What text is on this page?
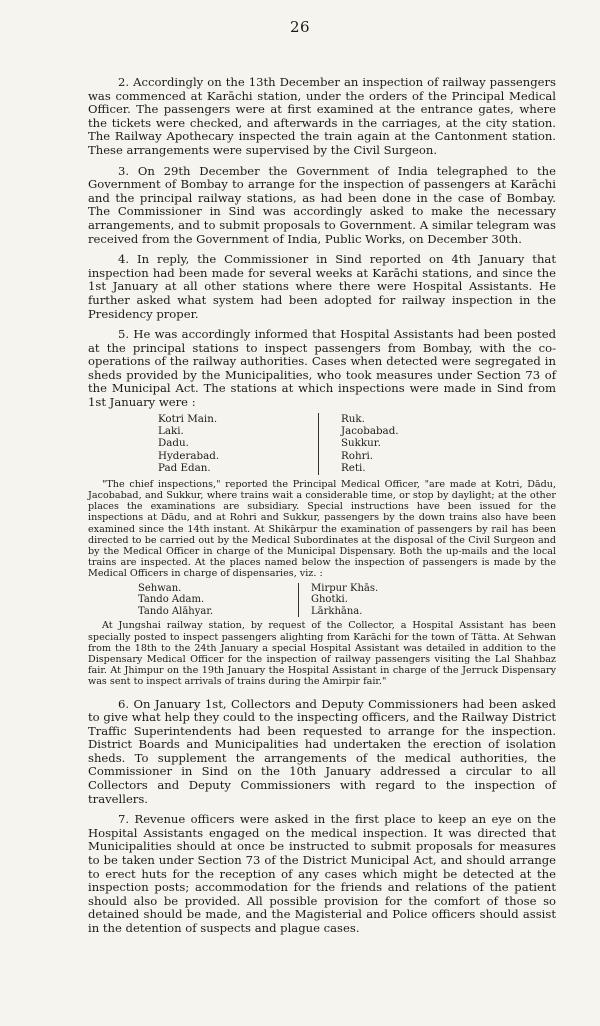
26

2. Accordingly on the 13th December an inspection of railway passengers was commenced at Karāchi station, under the orders of the Principal Medical Officer. The passengers were at first examined at the entrance gates, where the tickets were checked, and afterwards in the carriages, at the city station. The Railway Apothecary inspected the train again at the Cantonment station. These arrangements were supervised by the Civil Surgeon.

3. On 29th December the Government of India telegraphed to the Government of Bombay to arrange for the inspection of passengers at Karāchi and the principal railway stations, as had been done in the case of Bombay. The Commissioner in Sind was accordingly asked to make the necessary arrangements, and to submit proposals to Government. A similar telegram was received from the Government of India, Public Works, on December 30th.

4. In reply, the Commissioner in Sind reported on 4th January that inspection had been made for several weeks at Karāchi stations, and since the 1st January at all other stations where there were Hospital Assistants. He further asked what system had been adopted for railway inspection in the Presidency proper.

5. He was accordingly informed that Hospital Assistants had been posted at the principal stations to inspect passengers from Bombay, with the co-operations of the railway authorities. Cases when detected were segregated in sheds provided by the Municipalities, who took measures under Section 73 of the Municipal Act. The stations at which inspections were made in Sind from 1st January were :

Kotri Main.
Laki.
Dadu.
Hyderabad.
Pad Edan.
Ruk.
Jacobabad.
Sukkur.
Rohri.
Reti.

"The chief inspections," reported the Principal Medical Officer, "are made at Kotri, Dādu, Jacobabad, and Sukkur, where trains wait a considerable time, or stop by daylight; at the other places the examinations are subsidiary. Special instructions have been issued for the inspections at Dādu, and at Rohri and Sukkur, passengers by the down trains also have been examined since the 14th instant. At Shikārpur the examination of passengers by rail has been directed to be carried out by the Medical Subordinates at the disposal of the Civil Surgeon and by the Medical Officer in charge of the Municipal Dispensary. Both the up-mails and the local trains are inspected. At the places named below the inspection of passengers is made by the Medical Officers in charge of dispensaries, viz. :

Sehwan.
Tando Adam.
Tando Alāhyar.
Mirpur Khās.
Ghotki.
Lārkhāna.

At Jungshai railway station, by request of the Collector, a Hospital Assistant has been specially posted to inspect passengers alighting from Karāchi for the town of Tātta. At Sehwan from the 18th to the 24th January a special Hospital Assistant was detailed in addition to the Dispensary Medical Officer for the inspection of railway passengers visiting the Lal Shahbaz fair. At Jhimpur on the 19th January the Hospital Assistant in charge of the Jerruck Dispensary was sent to inspect arrivals of trains during the Amirpir fair."

6. On January 1st, Collectors and Deputy Commissioners had been asked to give what help they could to the inspecting officers, and the Railway District Traffic Superintendents had been requested to arrange for the inspection. District Boards and Municipalities had undertaken the erection of isolation sheds. To supplement the arrangements of the medical authorities, the Commissioner in Sind on the 10th January addressed a circular to all Collectors and Deputy Commissioners with regard to the inspection of travellers.

7. Revenue officers were asked in the first place to keep an eye on the Hospital Assistants engaged on the medical inspection. It was directed that Municipalities should at once be instructed to submit proposals for measures to be taken under Section 73 of the District Municipal Act, and should arrange to erect huts for the reception of any cases which might be detected at the inspection posts; accommodation for the friends and relations of the patient should also be provided. All possible provision for the comfort of those so detained should be made, and the Magisterial and Police officers should assist in the detention of suspects and plague cases.
